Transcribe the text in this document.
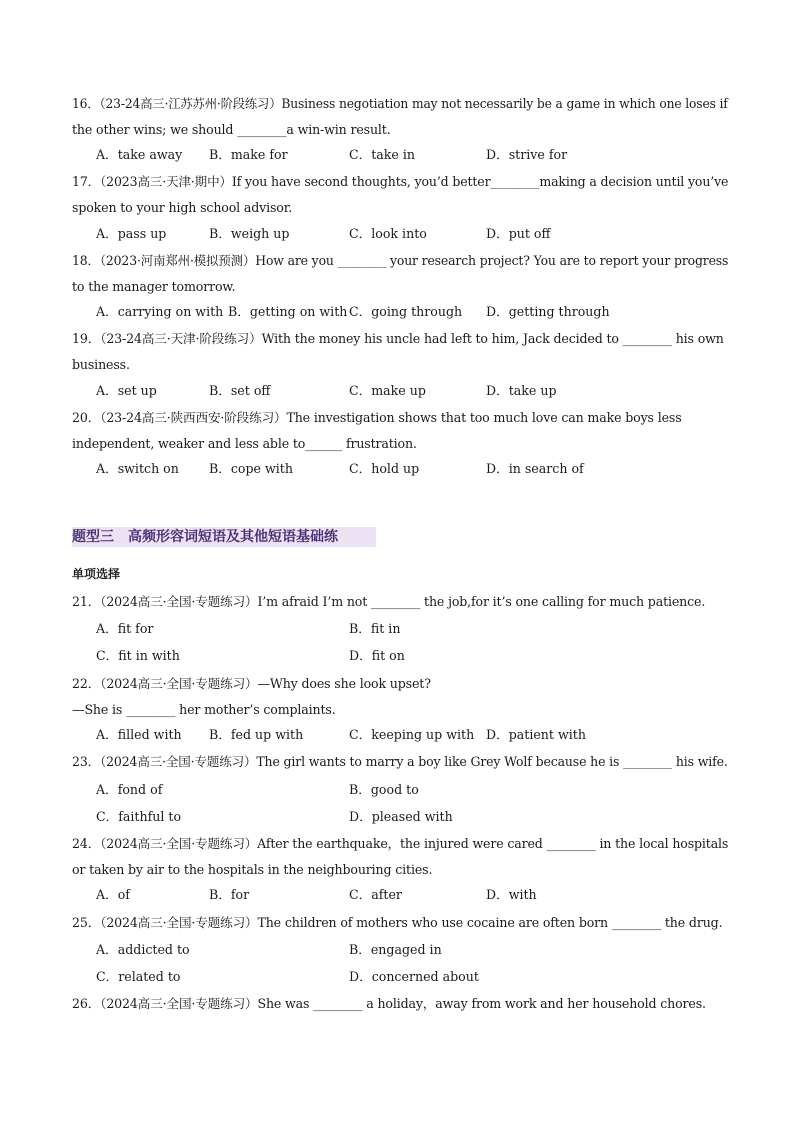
16．（23-24高三·江苏苏州·阶段练习）Business negotiation may not necessarily be a game in which one loses if
the other wins; we should ________a win-win result.
A．take away B．make for	C．take in	D．strive for
17．（2023高三·天津·期中）If you have second thoughts, you’d better________making a decision until you’ve
spoken to your high school advisor.
A．pass up	B．weigh up	C．look into	D．put off
18．（2023·河南郑州·模拟预测）How are you ________ your research project? You are to report your progress
to the manager tomorrow.
A．carrying on with B．getting on with C．going through D．getting through
19．（23-24高三·天津·阶段练习）With the money his uncle had left to him, Jack decided to ________ his own
business.
A．set up	B．set off	C．make up	D．take up
20．（23-24高三·陕西西安·阶段练习）The investigation shows that too much love can make boys less
independent, weaker and less able to______ frustration.
A．switch on B．cope with	C．hold up	D．in search of
题型三　高频形容词短语及其他短语基础练
单项选择
21．（2024高三·全国·专题练习）I’m afraid I’m not ________ the job,for it’s one calling for much patience.
A．fit for	B．fit in
C．fit in with	D．fit on
22．（2024高三·全国·专题练习）—Why does she look upset?
—She is ________ her mother’s complaints.
A．filled with B．fed up with	C．keeping up with D．patient with
23．（2024高三·全国·专题练习）The girl wants to marry a boy like Grey Wolf because he is ________ his wife.
A．fond of	B．good to
C．faithful to	D．pleased with
24．（2024高三·全国·专题练习）After the earthquake，the injured were cared ________ in the local hospitals
or taken by air to the hospitals in the neighbouring cities.
A．of	B．for	C．after	D．with
25．（2024高三·全国·专题练习）The children of mothers who use cocaine are often born ________ the drug.
A．addicted to	B．engaged in
C．related to	D．concerned about
26．（2024高三·全国·专题练习）She was ________ a holiday，away from work and her household chores.
